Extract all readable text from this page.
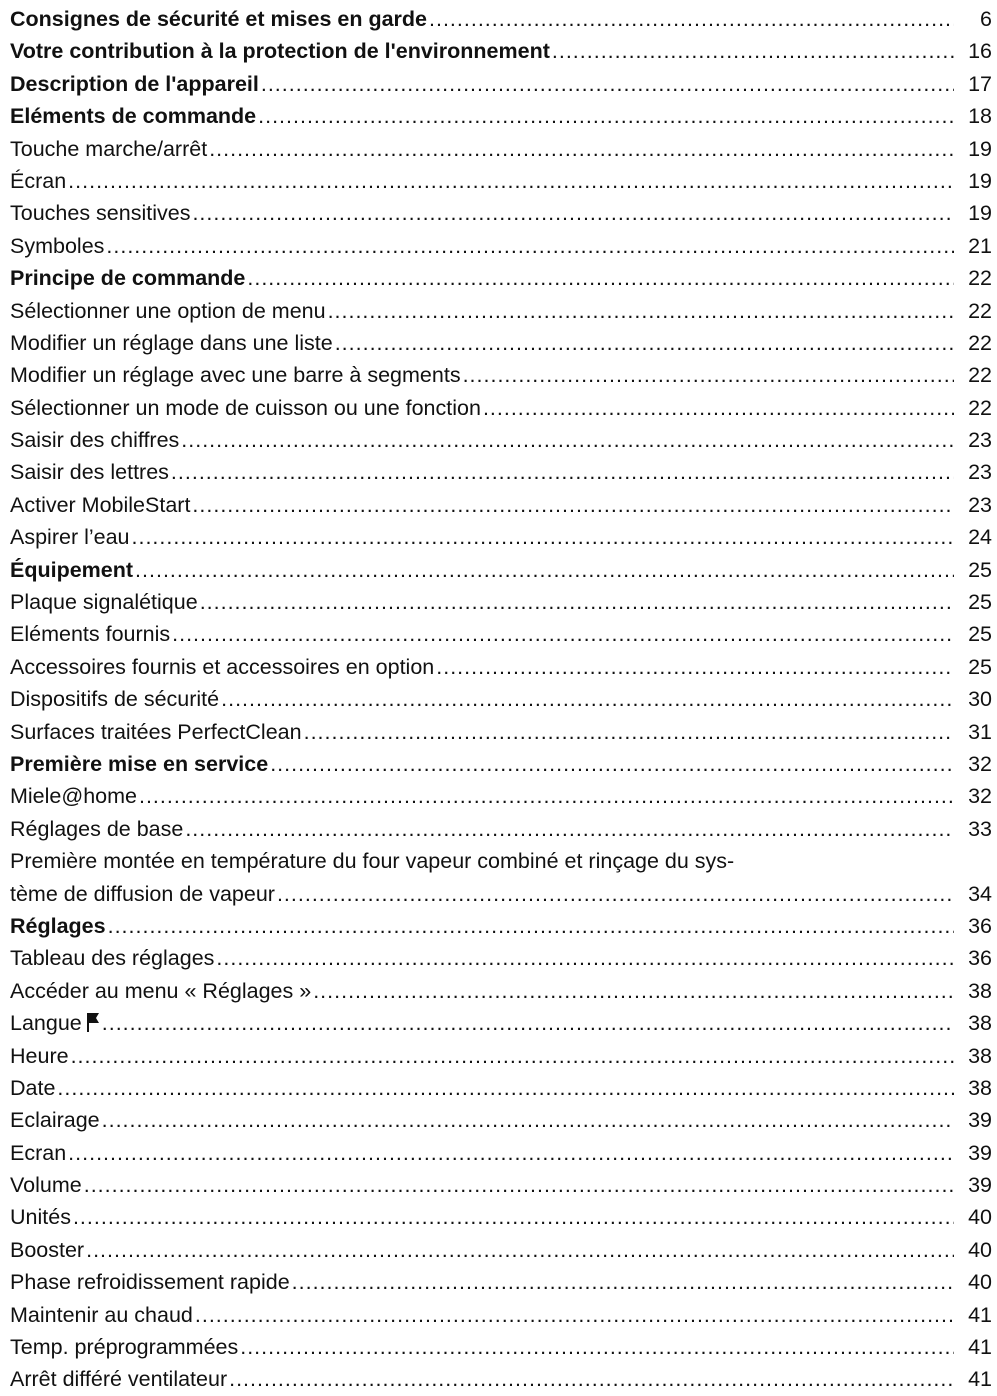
Consignes de sécurité et mises en garde .....	6
Votre contribution à la protection de l'environnement .....	16
Description de l'appareil .....	17
Eléments de commande .....	18
Touche marche/arrêt .....	19
Écran .....	19
Touches sensitives .....	19
Symboles .....	21
Principe de commande .....	22
Sélectionner une option de menu .....	22
Modifier un réglage dans une liste .....	22
Modifier un réglage avec une barre à segments .....	22
Sélectionner un mode de cuisson ou une fonction .....	22
Saisir des chiffres .....	23
Saisir des lettres .....	23
Activer MobileStart .....	23
Aspirer l’eau .....	24
Équipement .....	25
Plaque signalétique .....	25
Eléments fournis .....	25
Accessoires fournis et accessoires en option .....	25
Dispositifs de sécurité .....	30
Surfaces traitées PerfectClean .....	31
Première mise en service .....	32
Miele@home .....	32
Réglages de base .....	33
Première montée en température du four vapeur combiné et rinçage du sys-
tème de diffusion de vapeur .....	34
Réglages .....	36
Tableau des réglages .....	36
Accéder au menu « Réglages » .....	38
Langue .....	38
Heure .....	38
Date .....	38
Eclairage .....	39
Ecran .....	39
Volume .....	39
Unités .....	40
Booster .....	40
Phase refroidissement rapide .....	40
Maintenir au chaud .....	41
Temp. préprogrammées .....	41
Arrêt différé ventilateur .....	41
